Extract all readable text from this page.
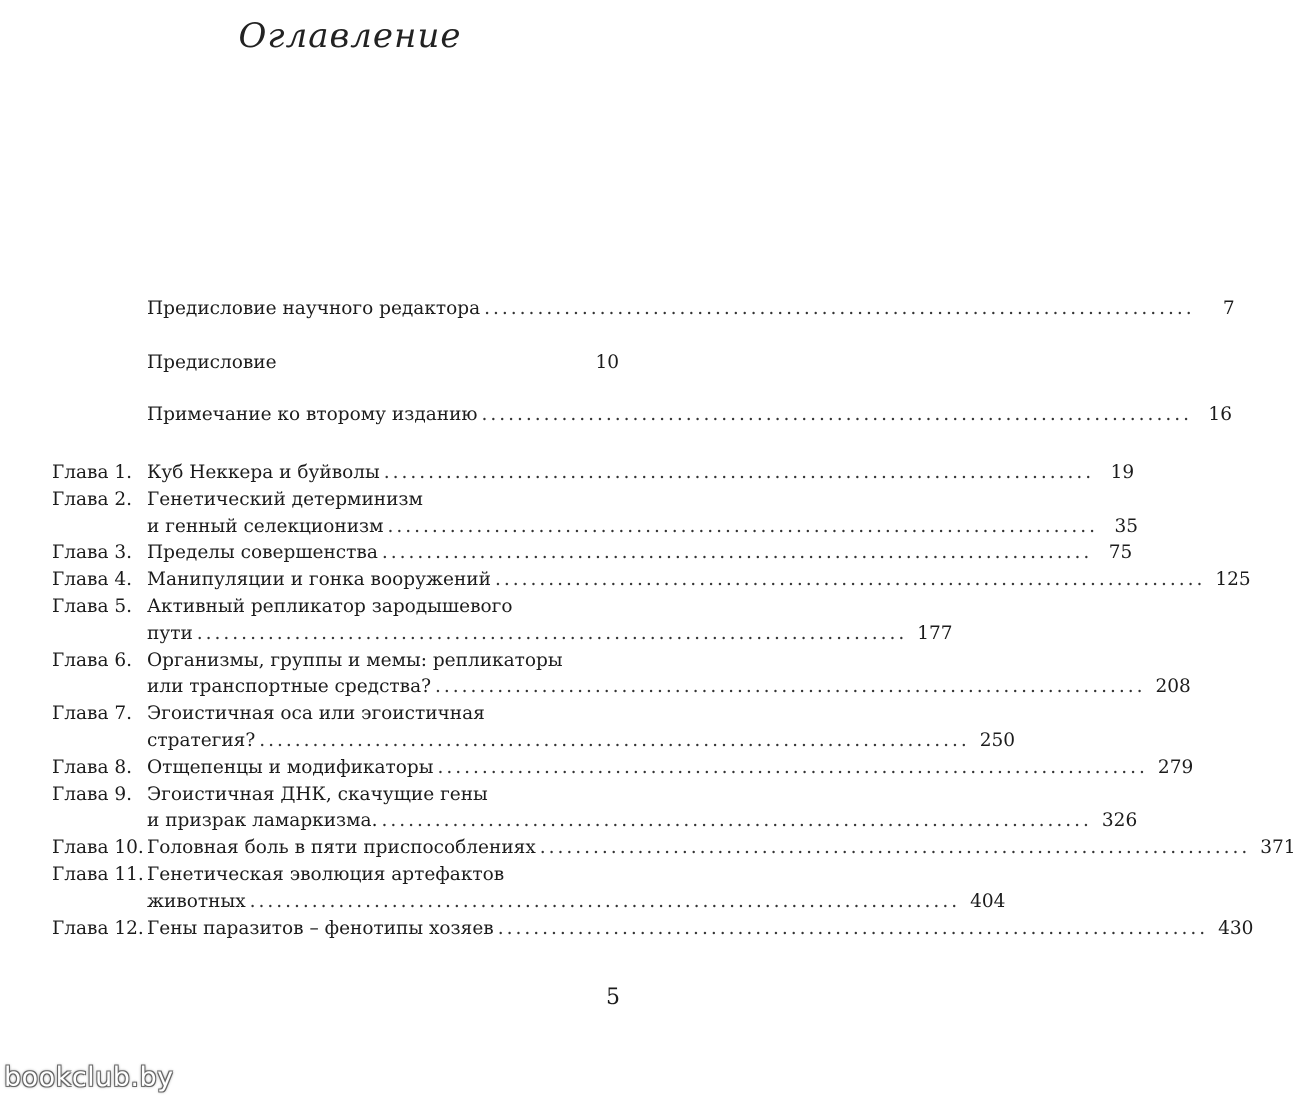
Оглавление
Предисловие научного редактора ................................................................................	7
Предисловие	10
Примечание ко второму изданию ................................................................................ 16
Глава 1. Куб Неккера и буйволы ................................................................................ 19
Глава 2. Генетический детерминизм
и генный селекционизм ................................................................................ 35
Глава 3. Пределы совершенства ................................................................................ 75
Глава 4. Манипуляции и гонка вооружений ................................................................................ 125
Глава 5. Активный репликатор зародышевого
пути ................................................................................ 177
Глава 6. Организмы, группы и мемы: репликаторы
или транспортные средства? ................................................................................ 208
Глава 7. Эгоистичная оса или эгоистичная
стратегия? ................................................................................ 250
Глава 8. Отщепенцы и модификаторы ................................................................................ 279
Глава 9. Эгоистичная ДНК, скачущие гены
и призрак ламаркизма. ................................................................................ 326
Глава 10. Головная боль в пяти приспособлениях ................................................................................ 371
Глава 11. Генетическая эволюция артефактов
животных ................................................................................ 404
Глава 12. Гены паразитов – фенотипы хозяев ................................................................................ 430
5
bookclub.by
